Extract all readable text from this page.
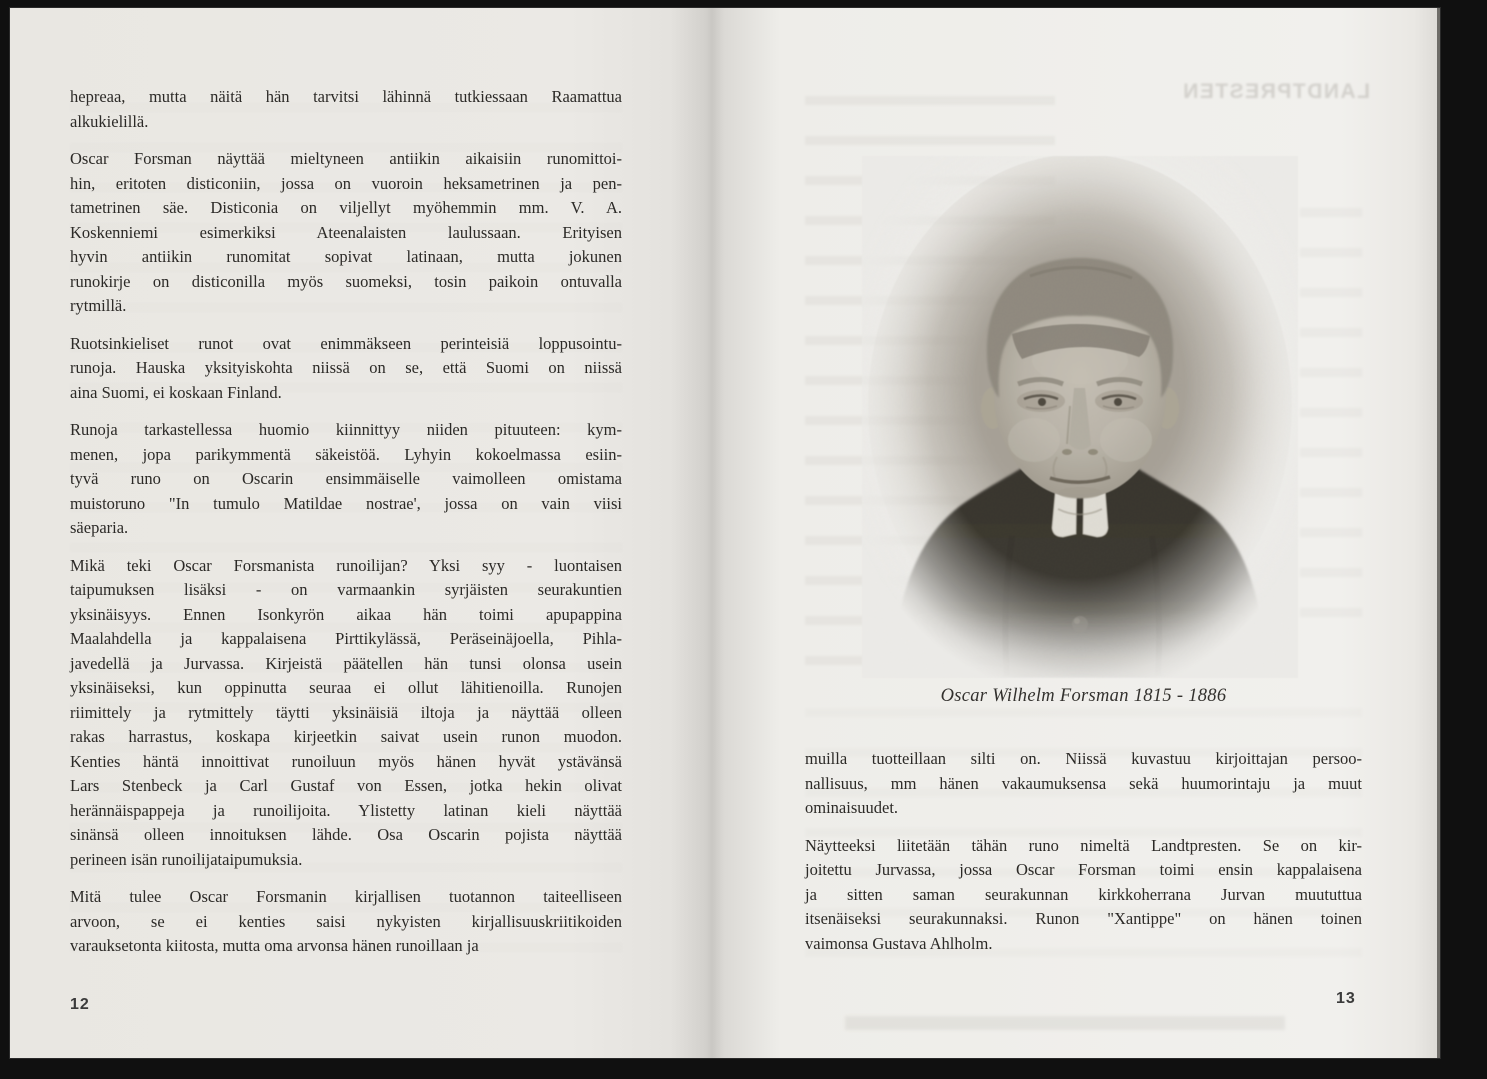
LANDTPRESTEN
hepreaa, mutta näitä hän tarvitsi lähinnä tutkiessaan Raamattua
alkukielillä.
Oscar Forsman näyttää mieltyneen antiikin aikaisiin runomittoi-
hin, eritoten disticoniin, jossa on vuoroin heksametrinen ja pen-
tametrinen säe. Disticonia on viljellyt myöhemmin mm. V. A.
Koskenniemi esimerkiksi Ateenalaisten laulussaan. Erityisen
hyvin antiikin runomitat sopivat latinaan, mutta jokunen
runokirje on disticonilla myös suomeksi, tosin paikoin ontuvalla
rytmillä.
Ruotsinkieliset runot ovat enimmäkseen perinteisiä loppusointu-
runoja. Hauska yksityiskohta niissä on se, että Suomi on niissä
aina Suomi, ei koskaan Finland.
Runoja tarkastellessa huomio kiinnittyy niiden pituuteen: kym-
menen, jopa parikymmentä säkeistöä. Lyhyin kokoelmassa esiin-
tyvä runo on Oscarin ensimmäiselle vaimolleen omistama
muistoruno "In tumulo Matildae nostrae', jossa on vain viisi
säeparia.
Mikä teki Oscar Forsmanista runoilijan? Yksi syy - luontaisen
taipumuksen lisäksi - on varmaankin syrjäisten seurakuntien
yksinäisyys. Ennen Isonkyrön aikaa hän toimi apupappina
Maalahdella ja kappalaisena Pirttikylässä, Peräseinäjoella, Pihla-
javedellä ja Jurvassa. Kirjeistä päätellen hän tunsi olonsa usein
yksinäiseksi, kun oppinutta seuraa ei ollut lähitienoilla. Runojen
riimittely ja rytmittely täytti yksinäisiä iltoja ja näyttää olleen
rakas harrastus, koskapa kirjeetkin saivat usein runon muodon.
Kenties häntä innoittivat runoiluun myös hänen hyvät ystävänsä
Lars Stenbeck ja Carl Gustaf von Essen, jotka hekin olivat
herännäispappeja ja runoilijoita. Ylistetty latinan kieli näyttää
sinänsä olleen innoituksen lähde. Osa Oscarin pojista näyttää
perineen isän runoilijataipumuksia.
Mitä tulee Oscar Forsmanin kirjallisen tuotannon taiteelliseen
arvoon, se ei kenties saisi nykyisten kirjallisuuskriitikoiden
varauksetonta kiitosta, mutta oma arvonsa hänen runoillaan ja
12
Oscar Wilhelm Forsman 1815 - 1886
muilla tuotteillaan silti on. Niissä kuvastuu kirjoittajan persoo-
nallisuus, mm hänen vakaumuksensa sekä huumorintaju ja muut
ominaisuudet.
Näytteeksi liitetään tähän runo nimeltä Landtpresten. Se on kir-
joitettu Jurvassa, jossa Oscar Forsman toimi ensin kappalaisena
ja sitten saman seurakunnan kirkkoherrana Jurvan muututtua
itsenäiseksi seurakunnaksi. Runon "Xantippe" on hänen toinen
vaimonsa Gustava Ahlholm.
13
